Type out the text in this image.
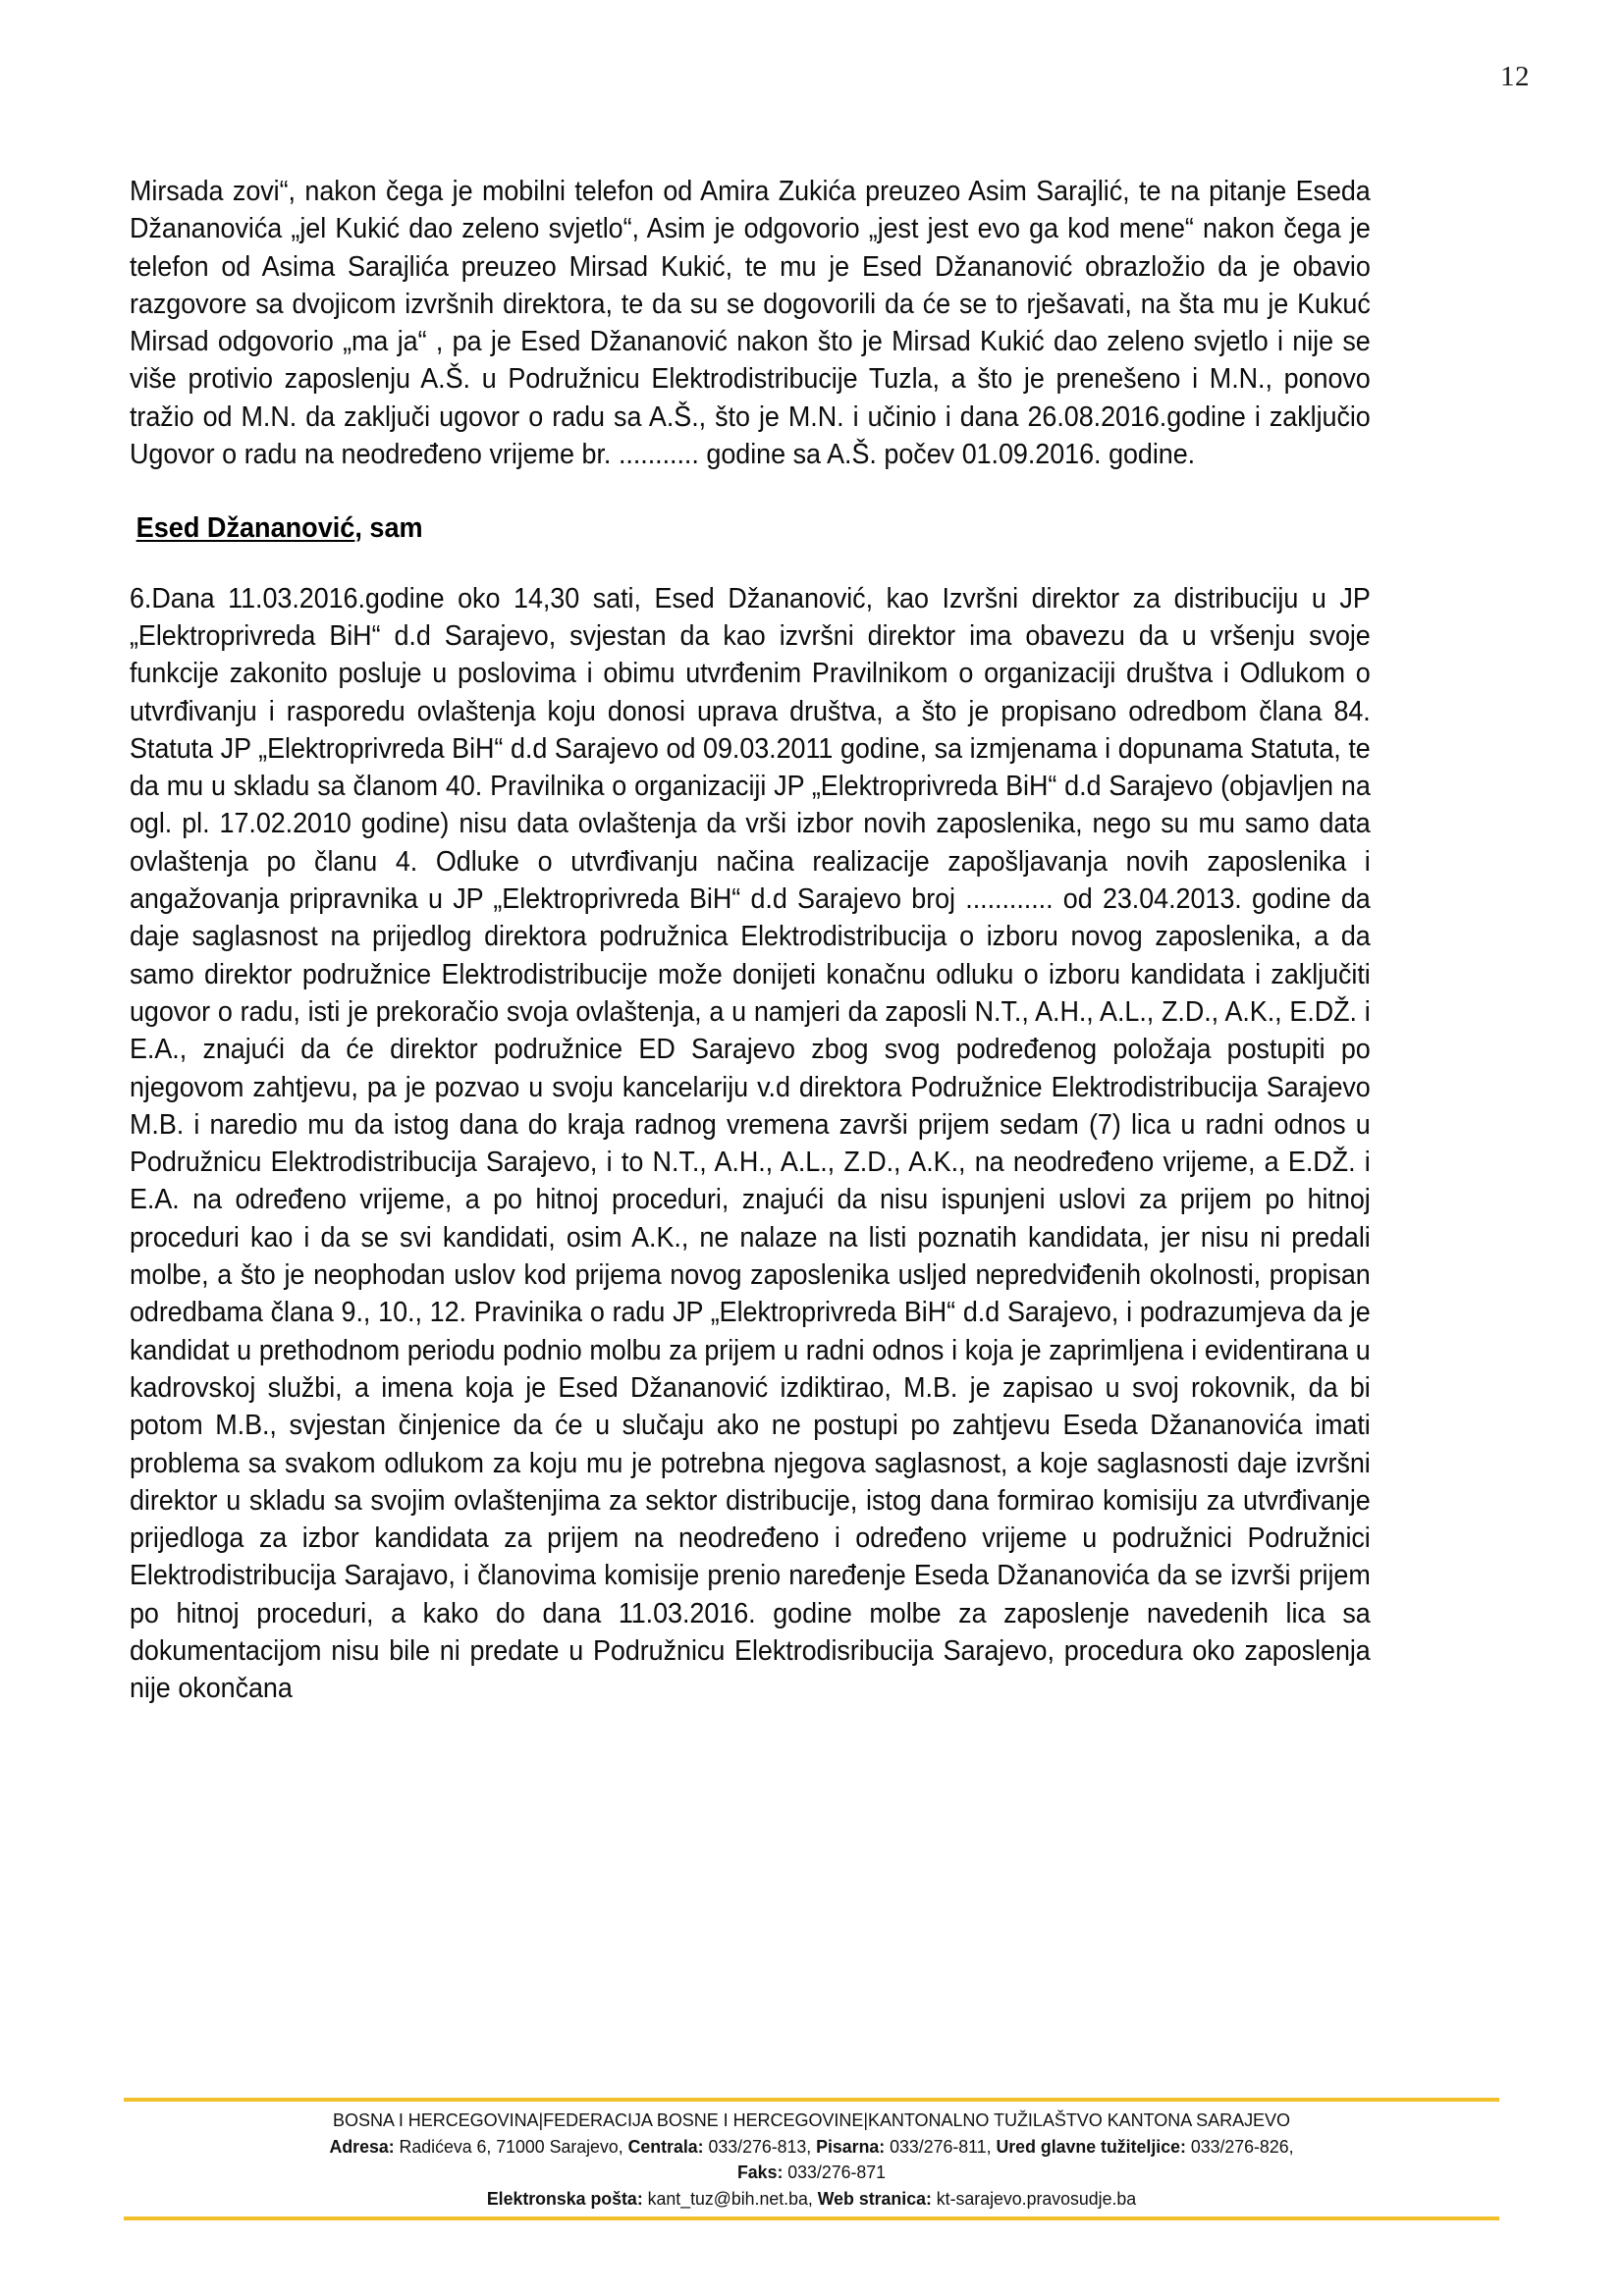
12

Mirsada zovi“, nakon čega je mobilni telefon od Amira Zukića preuzeo Asim Sarajlić, te na pitanje Eseda Džananovića „jel Kukić dao zeleno svjetlo“, Asim je odgovorio „jest jest evo ga kod mene“ nakon čega je telefon od Asima Sarajlića preuzeo Mirsad Kukić, te mu je Esed Džananović obrazložio da je obavio razgovore sa dvojicom izvršnih direktora, te da su se dogovorili da će se to rješavati, na šta mu je Kukuć Mirsad odgovorio „ma ja“ , pa je Esed Džananović nakon što je Mirsad Kukić dao zeleno svjetlo i nije se više protivio zaposlenju A.Š. u Podružnicu Elektrodistribucije Tuzla, a što je prenešeno i M.N., ponovo tražio od M.N. da zaključi ugovor o radu sa A.Š., što je M.N. i učinio i dana 26.08.2016.godine i zaključio Ugovor o radu na neodređeno vrijeme br. ........... godine sa A.Š. počev 01.09.2016. godine.

Esed Džananović, sam

6.Dana 11.03.2016.godine oko 14,30 sati, Esed Džananović, kao Izvršni direktor za distribuciju u JP „Elektroprivreda BiH“ d.d Sarajevo, svjestan da kao izvršni direktor ima obavezu da u vršenju svoje funkcije zakonito posluje u poslovima i obimu utvrđenim Pravilnikom o organizaciji društva i Odlukom o utvrđivanju i rasporedu ovlaštenja koju donosi uprava društva, a što je propisano odredbom člana 84. Statuta JP „Elektroprivreda BiH“ d.d Sarajevo od 09.03.2011 godine, sa izmjenama i dopunama Statuta, te da mu u skladu sa članom 40. Pravilnika o organizaciji JP „Elektroprivreda BiH“ d.d Sarajevo (objavljen na ogl. pl. 17.02.2010 godine) nisu data ovlaštenja da vrši izbor novih zaposlenika, nego su mu samo data ovlaštenja po članu 4. Odluke o utvrđivanju načina realizacije zapošljavanja novih zaposlenika i angažovanja pripravnika u JP „Elektroprivreda BiH“ d.d Sarajevo broj ............ od 23.04.2013. godine da daje saglasnost na prijedlog direktora podružnica Elektrodistribucija o izboru novog zaposlenika, a da samo direktor podružnice Elektrodistribucije može donijeti konačnu odluku o izboru kandidata i zaključiti ugovor o radu, isti je prekoračio svoja ovlaštenja, a u namjeri da zaposli N.T., A.H., A.L., Z.D., A.K., E.DŽ. i E.A., znajući da će direktor podružnice ED Sarajevo zbog svog podređenog položaja postupiti po njegovom zahtjevu, pa je pozvao u svoju kancelariju v.d direktora Podružnice Elektrodistribucija Sarajevo M.B. i naredio mu da istog dana do kraja radnog vremena završi prijem sedam (7) lica u radni odnos u Podružnicu Elektrodistribucija Sarajevo, i to N.T., A.H., A.L., Z.D., A.K., na neodređeno vrijeme, a E.DŽ. i E.A. na određeno vrijeme, a po hitnoj proceduri, znajući da nisu ispunjeni uslovi za prijem po hitnoj proceduri kao i da se svi kandidati, osim A.K., ne nalaze na listi poznatih kandidata, jer nisu ni predali molbe, a što je neophodan uslov kod prijema novog zaposlenika usljed nepredviđenih okolnosti, propisan odredbama člana 9., 10., 12. Pravinika o radu JP „Elektroprivreda BiH“ d.d Sarajevo, i podrazumjeva da je kandidat u prethodnom periodu podnio molbu za prijem u radni odnos i koja je zaprimljena i evidentirana u kadrovskoj službi, a imena koja je Esed Džananović izdiktirao, M.B. je zapisao u svoj rokovnik, da bi potom M.B., svjestan činjenice da će u slučaju ako ne postupi po zahtjevu Eseda Džananovića imati problema sa svakom odlukom za koju mu je potrebna njegova saglasnost, a koje saglasnosti daje izvršni direktor u skladu sa svojim ovlaštenjima za sektor distribucije, istog dana formirao komisiju za utvrđivanje prijedloga za izbor kandidata za prijem na neodređeno i određeno vrijeme u podružnici Podružnici Elektrodistribucija Sarajavo, i članovima komisije prenio naređenje Eseda Džananovića da se izvrši prijem po hitnoj proceduri, a kako do dana 11.03.2016. godine molbe za zaposlenje navedenih lica sa dokumentacijom nisu bile ni predate u Podružnicu Elektrodisribucija Sarajevo, procedura oko zaposlenja nije okončana

BOSNA I HERCEGOVINA|FEDERACIJA BOSNE I HERCEGOVINE|KANTONALNO TUŽILAŠTVO KANTONA SARAJEVO
Adresa: Radićeva 6, 71000 Sarajevo, Centrala: 033/276-813, Pisarna: 033/276-811, Ured glavne tužiteljice: 033/276-826,
Faks: 033/276-871
Elektronska pošta: kant_tuz@bih.net.ba, Web stranica: kt-sarajevo.pravosudje.ba
